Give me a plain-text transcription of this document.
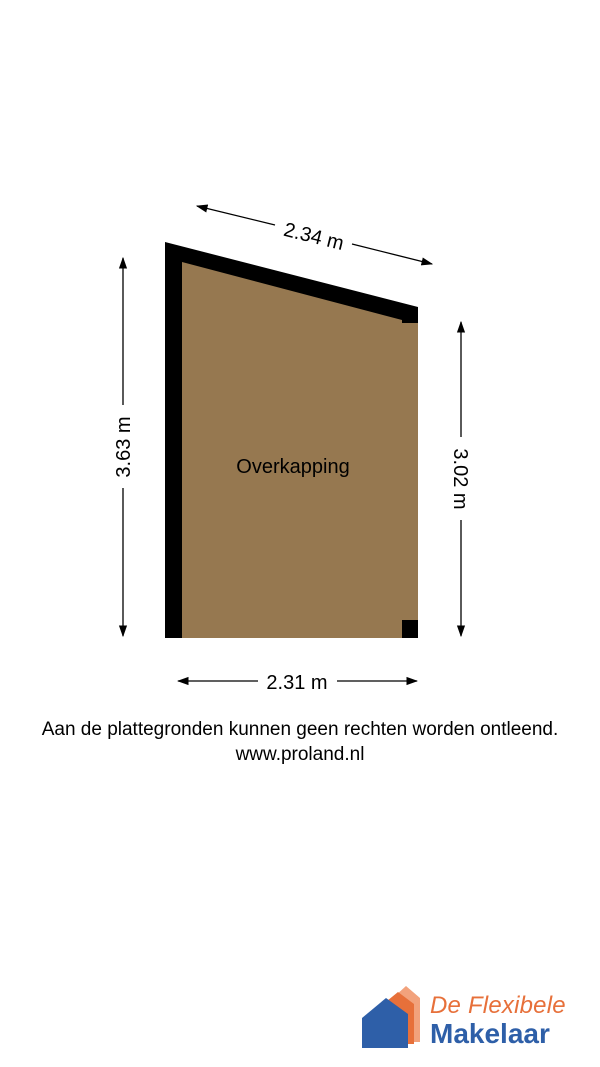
Overkapping
2.34 m
3.63 m
3.02 m
2.31 m
Aan de plattegronden kunnen geen rechten worden ontleend.
www.proland.nl
De Flexibele
Makelaar
